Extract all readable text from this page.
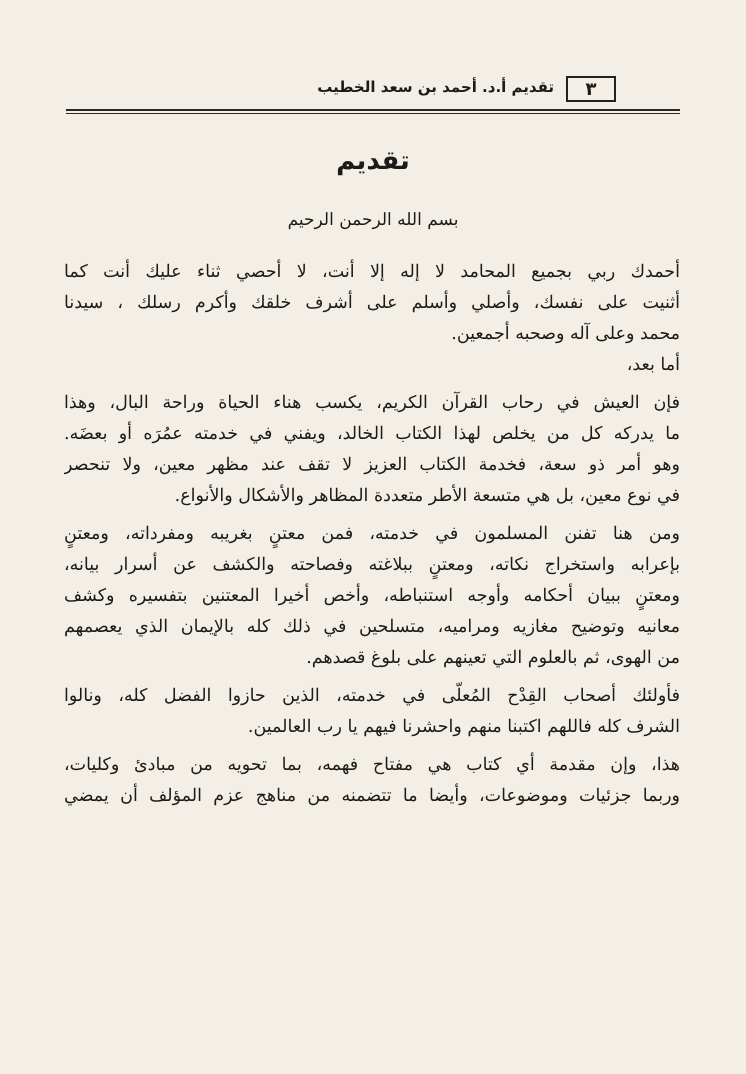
٣
تقديم أ.د. أحمد بن سعد الخطيب
تقديم
بسم الله الرحمن الرحيم
أحمدك ربي بجميع المحامد لا إله إلا أنت، لا أحصي ثناء عليك أنت كما
أثنيت على نفسك، وأصلي وأسلم على أشرف خلقك وأكرم رسلك ، سيدنا
محمد وعلى آله وصحبه أجمعين.
أما بعد،
فإن العيش في رحاب القرآن الكريم، يكسب هناء الحياة وراحة البال، وهذا
ما يدركه كل من يخلص لهذا الكتاب الخالد، ويفني في خدمته عمُرَه أو بعضَه.
وهو أمر ذو سعة، فخدمة الكتاب العزيز لا تقف عند مظهر معين، ولا تنحصر
في نوع معين، بل هي متسعة الأطر متعددة المظاهر والأشكال والأنواع.
ومن هنا تفنن المسلمون في خدمته، فمن معتنٍ بغريبه ومفرداته، ومعتنٍ
بإعرابه واستخراج نكاته، ومعتنٍ ببلاغته وفصاحته والكشف عن أسرار بيانه،
ومعتنٍ ببيان أحكامه وأوجه استنباطه، وأخص أخيرا المعتنين بتفسيره وكشف
معانيه وتوضيح مغازيه ومراميه، متسلحين في ذلك كله بالإيمان الذي يعصمهم
من الهوى، ثم بالعلوم التي تعينهم على بلوغ قصدهم.
فأولئك أصحاب القِدْح المُعلّى في خدمته، الذين حازوا الفضل كله، ونالوا
الشرف كله فاللهم اكتبنا منهم واحشرنا فيهم يا رب العالمين.
هذا، وإن مقدمة أي كتاب هي مفتاح فهمه، بما تحويه من مبادئ وكليات،
وربما جزئيات وموضوعات، وأيضا ما تتضمنه من مناهج عزم المؤلف أن يمضي
